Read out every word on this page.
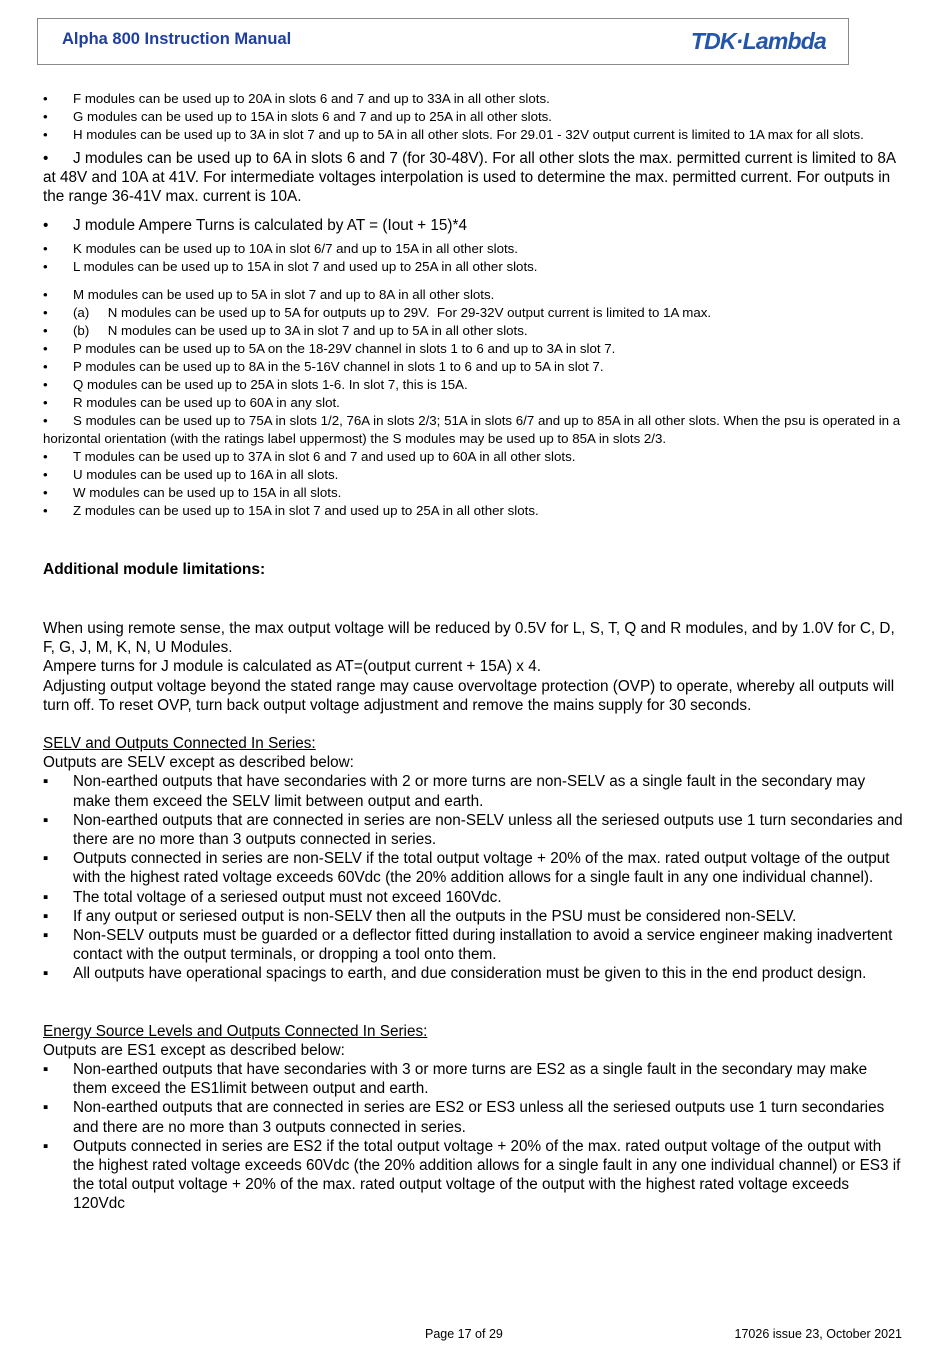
Alpha 800 Instruction Manual	TDK·Lambda
• F modules can be used up to 20A in slots 6 and 7 and up to 33A in all other slots.
• G modules can be used up to 15A in slots 6 and 7 and up to 25A in all other slots.
• H modules can be used up to 3A in slot 7 and up to 5A in all other slots. For 29.01 - 32V output current is limited to 1A max for all slots.
• J modules can be used up to 6A in slots 6 and 7 (for 30-48V). For all other slots the max. permitted current is limited to 8A at 48V and 10A at 41V. For intermediate voltages interpolation is used to determine the max. permitted current. For outputs in the range 36-41V max. current is 10A.
• J module Ampere Turns is calculated by AT = (Iout + 15)*4
• K modules can be used up to 10A in slot 6/7 and up to 15A in all other slots.
• L modules can be used up to 15A in slot 7 and used up to 25A in all other slots.
• M modules can be used up to 5A in slot 7 and up to 8A in all other slots.
• (a)     N modules can be used up to 5A for outputs up to 29V.  For 29-32V output current is limited to 1A max.
• (b)     N modules can be used up to 3A in slot 7 and up to 5A in all other slots.
• P modules can be used up to 5A on the 18-29V channel in slots 1 to 6 and up to 3A in slot 7.
• P modules can be used up to 8A in the 5-16V channel in slots 1 to 6 and up to 5A in slot 7.
• Q modules can be used up to 25A in slots 1-6. In slot 7, this is 15A.
• R modules can be used up to 60A in any slot.
• S modules can be used up to 75A in slots 1/2, 76A in slots 2/3; 51A in slots 6/7 and up to 85A in all other slots. When the psu is operated in a horizontal orientation (with the ratings label uppermost) the S modules may be used up to 85A in slots 2/3.
• T modules can be used up to 37A in slot 6 and 7 and used up to 60A in all other slots.
• U modules can be used up to 16A in all slots.
• W modules can be used up to 15A in all slots.
• Z modules can be used up to 15A in slot 7 and used up to 25A in all other slots.
Additional module limitations:
When using remote sense, the max output voltage will be reduced by 0.5V for L, S, T, Q and R modules, and by 1.0V for C, D, F, G, J, M, K, N, U Modules.
Ampere turns for J module is calculated as AT=(output current + 15A) x 4.
Adjusting output voltage beyond the stated range may cause overvoltage protection (OVP) to operate, whereby all outputs will turn off. To reset OVP, turn back output voltage adjustment and remove the mains supply for 30 seconds.
SELV and Outputs Connected In Series:
Outputs are SELV except as described below:
▪ Non-earthed outputs that have secondaries with 2 or more turns are non-SELV as a single fault in the secondary may make them exceed the SELV limit between output and earth.
▪ Non-earthed outputs that are connected in series are non-SELV unless all the seriesed outputs use 1 turn secondaries and there are no more than 3 outputs connected in series.
▪ Outputs connected in series are non-SELV if the total output voltage + 20% of the max. rated output voltage of the output with the highest rated voltage exceeds 60Vdc (the 20% addition allows for a single fault in any one individual channel).
▪ The total voltage of a seriesed output must not exceed 160Vdc.
▪ If any output or seriesed output is non-SELV then all the outputs in the PSU must be considered non-SELV.
▪ Non-SELV outputs must be guarded or a deflector fitted during installation to avoid a service engineer making inadvertent contact with the output terminals, or dropping a tool onto them.
▪ All outputs have operational spacings to earth, and due consideration must be given to this in the end product design.
Energy Source Levels and Outputs Connected In Series:
Outputs are ES1 except as described below:
▪ Non-earthed outputs that have secondaries with 3 or more turns are ES2 as a single fault in the secondary may make them exceed the ES1limit between output and earth.
▪ Non-earthed outputs that are connected in series are ES2 or ES3 unless all the seriesed outputs use 1 turn secondaries and there are no more than 3 outputs connected in series.
▪ Outputs connected in series are ES2 if the total output voltage + 20% of the max. rated output voltage of the output with the highest rated voltage exceeds 60Vdc (the 20% addition allows for a single fault in any one individual channel) or ES3 if the total output voltage + 20% of the max. rated output voltage of the output with the highest rated voltage exceeds 120Vdc
Page 17 of 29	17026 issue 23, October 2021
